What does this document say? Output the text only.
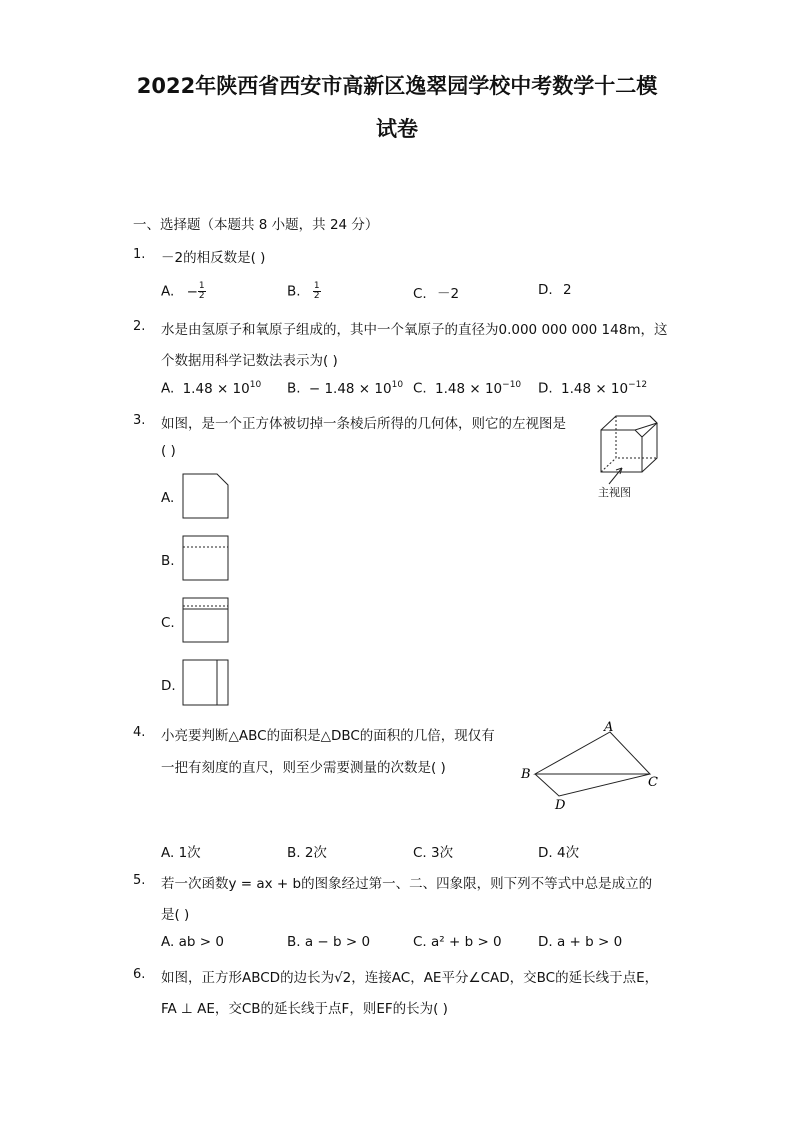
2022年陕西省西安市高新区逸翠园学校中考数学十二模
试卷
一、选择题（本题共 8 小题，共 24 分）
1. －2的相反数是( )
A. − $\frac{1}{2}$	B. $\frac{1}{2}$	C. －2	D. 2
2. 水是由氢原子和氧原子组成的，其中一个氧原子的直径为0.000 000 000 148m，这
个数据用科学记数法表示为( )
A. $1.48 \times 10^{10}$ B. − $1.48 \times 10^{10}$ C. $1.48 \times 10^{-10}$ D. $1.48 \times 10^{-12}$
3. 如图，是一个正方体被切掉一条棱后所得的几何体，则它的左视图是
( )
主视图
A.
B.
C.
D.
4. 小亮要判断△ABC的面积是△DBC的面积的几倍，现仅有
一把有刻度的直尺，则至少需要测量的次数是( )
A
B
C
D
A. 1次	B. 2次	C. 3次	D. 4次
5. 若一次函数y = ax + b的图象经过第一、二、四象限，则下列不等式中总是成立的
是( )
A. ab > 0	B. a − b > 0	C. a² + b > 0	D. a + b > 0
6. 如图，正方形ABCD的边长为√2，连接AC，AE平分∠CAD，交BC的延长线于点E，
FA ⊥ AE，交CB的延长线于点F，则EF的长为( )
